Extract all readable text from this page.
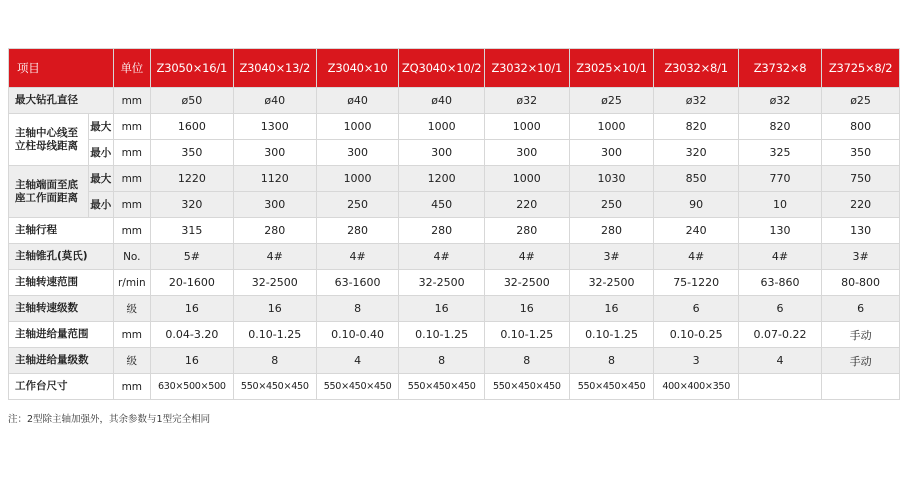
项目		单位	Z3050×16/1	Z3040×13/2	Z3040×10	ZQ3040×10/2	Z3032×10/1	Z3025×10/1	Z3032×8/1	Z3732×8	Z3725×8/2
最大钻孔直径		mm	ø50	ø40	ø40	ø40	ø32	ø25	ø32	ø32	ø25
主轴中心线至立柱母线距离	最大	mm	1600	1300	1000	1000	1000	1000	820	820	800
	最小	mm	350	300	300	300	300	300	320	325	350
主轴端面至底座工作面距离	最大	mm	1220	1120	1000	1200	1000	1030	850	770	750
	最小	mm	320	300	250	450	220	250	90	10	220
主轴行程		mm	315	280	280	280	280	280	240	130	130
主轴锥孔(莫氏)		No.	5#	4#	4#	4#	4#	3#	4#	4#	3#
主轴转速范围		r/min	20-1600	32-2500	63-1600	32-2500	32-2500	32-2500	75-1220	63-860	80-800
主轴转速级数		级	16	16	8	16	16	16	6	6	6
主轴进给量范围		mm	0.04-3.20	0.10-1.25	0.10-0.40	0.10-1.25	0.10-1.25	0.10-1.25	0.10-0.25	0.07-0.22	手动
主轴进给量级数		级	16	8	4	8	8	8	3	4	手动
工作台尺寸		mm	630×500×500	550×450×450	550×450×450	550×450×450	550×450×450	550×450×450	400×400×350		
注：2型除主轴加强外，其余参数与1型完全相同
